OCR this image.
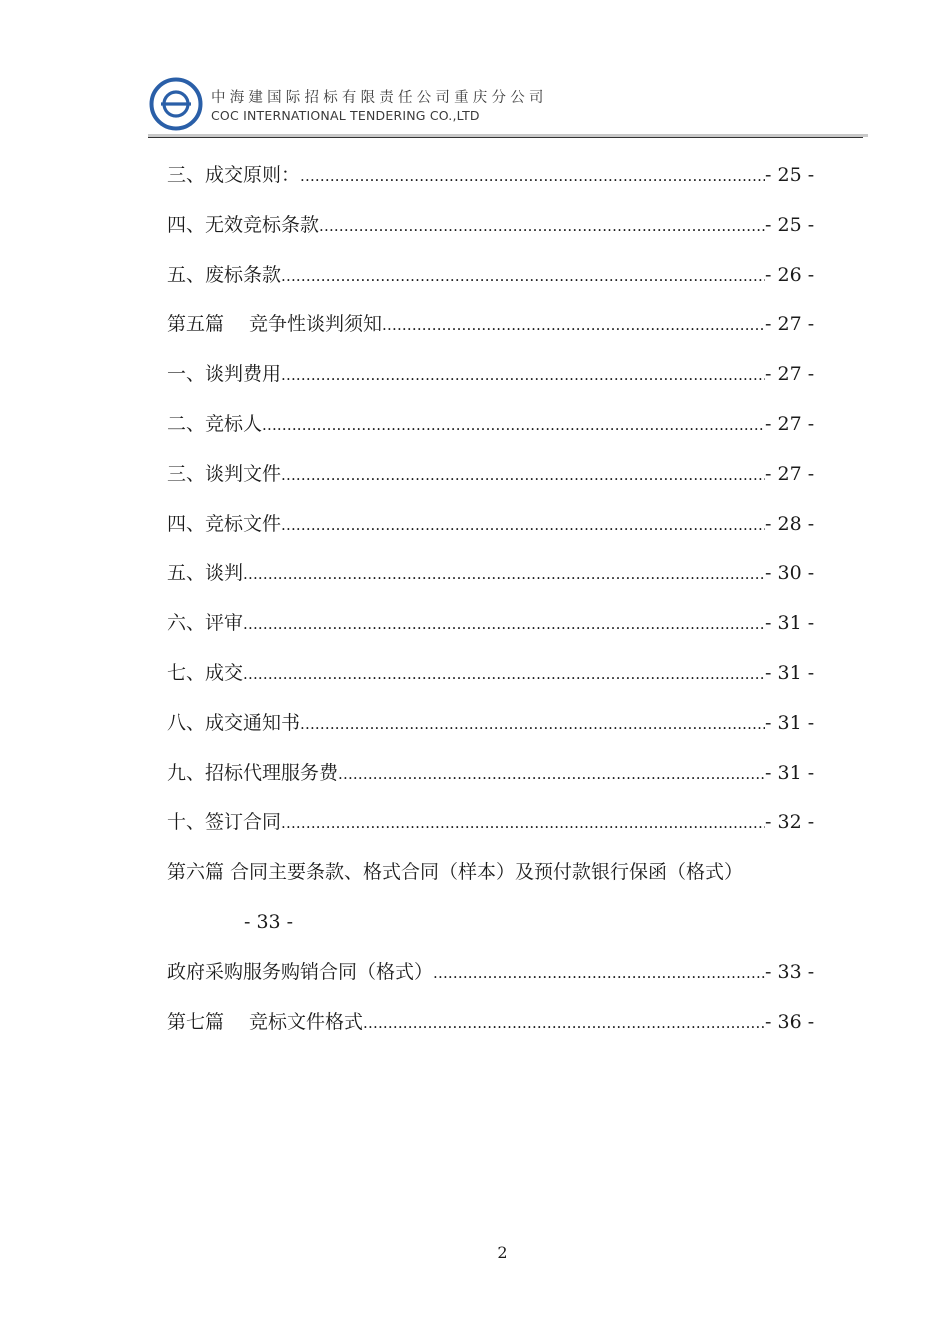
中海建国际招标有限责任公司重庆分公司
COC INTERNATIONAL TENDERING CO.,LTD
三、成交原则： .....	- 25 -
四、无效竞标条款 .....	- 25 -
五、废标条款 .....	- 26 -
第五篇　 竞争性谈判须知 .....	- 27 -
一、谈判费用 .....	- 27 -
二、竞标人 .....	- 27 -
三、谈判文件 .....	- 27 -
四、竞标文件 .....	- 28 -
五、谈判 .....	- 30 -
六、评审 .....	- 31 -
七、成交 .....	- 31 -
八、成交通知书 .....	- 31 -
九、招标代理服务费 .....	- 31 -
十、签订合同 .....	- 32 -
第六篇 合同主要条款、格式合同（样本）及预付款银行保函（格式）
- 33 -
政府采购服务购销合同（格式） .....	- 33 -
第七篇　 竞标文件格式 .....	- 36 -
2
